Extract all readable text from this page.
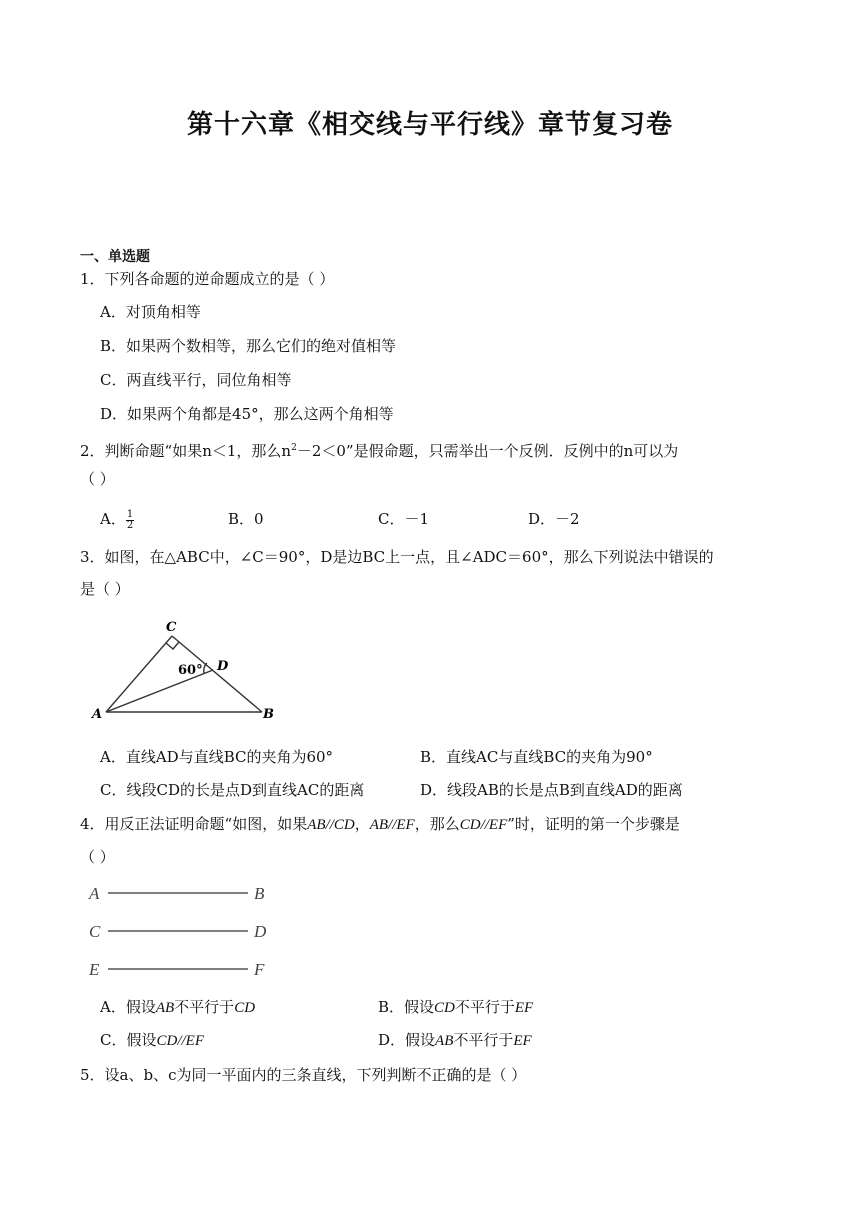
第十六章《相交线与平行线》章节复习卷
一、单选题
1．下列各命题的逆命题成立的是（ ）
A．对顶角相等
B．如果两个数相等，那么它们的绝对值相等
C．两直线平行，同位角相等
D．如果两个角都是45°，那么这两个角相等
2．判断命题“如果n＜1，那么$n^2-2<0$”是假命题，只需举出一个反例．反例中的n可以为
（ ）
A． $\frac{1}{2}$	B．0	C．－1	D．－2
3．如图，在△ABC中，∠C＝90°，D是边BC上一点，且∠ADC＝60°，那么下列说法中错误的
是（ ）
C
D
A	B
60°
A．直线AD与直线BC的夹角为60°	B．直线AC与直线BC的夹角为90°
C．线段CD的长是点D到直线AC的距离	D．线段AB的长是点B到直线AD的距离
4．用反正法证明命题“如图，如果AB//CD，AB//EF，那么CD//EF”时，证明的第一个步骤是
（ ）
A	B
C	D
E	F
A．假设AB不平行于CD	B．假设CD不平行于EF
C．假设CD//EF	D．假设AB不平行于EF
5．设a、b、c为同一平面内的三条直线，下列判断不正确的是（ ）
